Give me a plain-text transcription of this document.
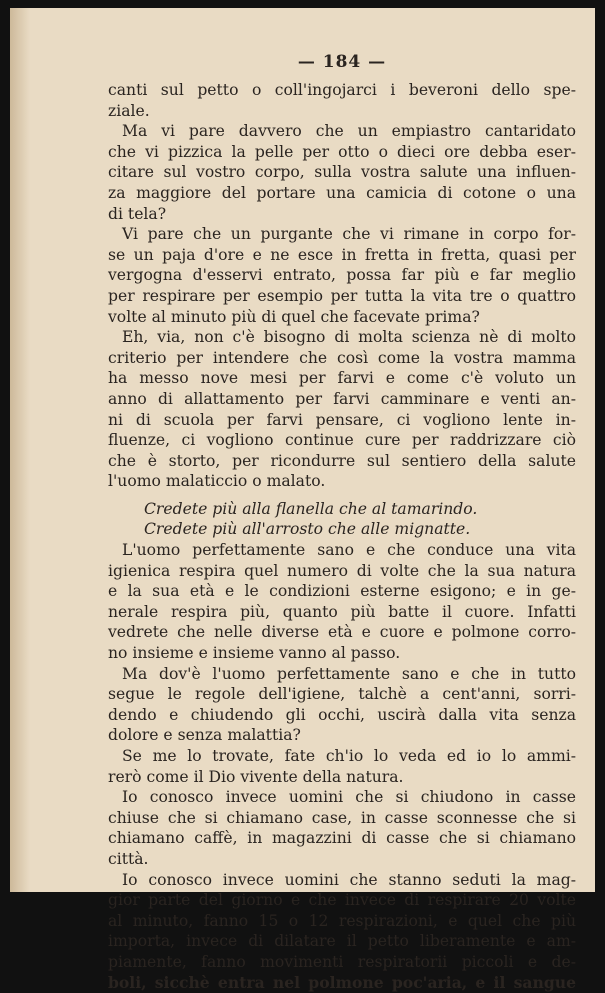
— 184 —

canti sul petto o coll'ingojarci i beveroni dello spe-

ziale.

Ma vi pare davvero che un empiastro cantaridato

che vi pizzica la pelle per otto o dieci ore debba eser-

citare sul vostro corpo, sulla vostra salute una influen-

za maggiore del portare una camicia di cotone o una

di tela?

Vi pare che un purgante che vi rimane in corpo for-

se un paja d'ore e ne esce in fretta in fretta, quasi per

vergogna d'esservi entrato, possa far più e far meglio

per respirare per esempio per tutta la vita tre o quattro

volte al minuto più di quel che facevate prima?

Eh, via, non c'è bisogno di molta scienza nè di molto

criterio per intendere che così come la vostra mamma

ha messo nove mesi per farvi e come c'è voluto un

anno di allattamento per farvi camminare e venti an-

ni di scuola per farvi pensare, ci vogliono lente in-

fluenze, ci vogliono continue cure per raddrizzare ciò

che è storto, per ricondurre sul sentiero della salute

l'uomo malaticcio o malato.

Credete più alla flanella che al tamarindo.

Credete più all'arrosto che alle mignatte.

L'uomo perfettamente sano e che conduce una vita

igienica respira quel numero di volte che la sua natura

e la sua età e le condizioni esterne esigono; e in ge-

nerale respira più, quanto più batte il cuore. Infatti

vedrete che nelle diverse età e cuore e polmone corro-

no insieme e insieme vanno al passo.

Ma dov'è l'uomo perfettamente sano e che in tutto

segue le regole dell'igiene, talchè a cent'anni, sorri-

dendo e chiudendo gli occhi, uscirà dalla vita senza

dolore e senza malattia?

Se me lo trovate, fate ch'io lo veda ed io lo ammi-

rerò come il Dio vivente della natura.

Io conosco invece uomini che si chiudono in casse

chiuse che si chiamano case, in casse sconnesse che si

chiamano caffè, in magazzini di casse che si chiamano

città.

Io conosco invece uomini che stanno seduti la mag-

gior parte del giorno e che invece di respirare 20 volte

al minuto, fanno 15 o 12 respirazioni, e quel che più

importa, invece di dilatare il petto liberamente e am-

piamente, fanno movimenti respiratorii piccoli e de-

boli, sicchè entra nel polmone poc'aria, e il sangue
